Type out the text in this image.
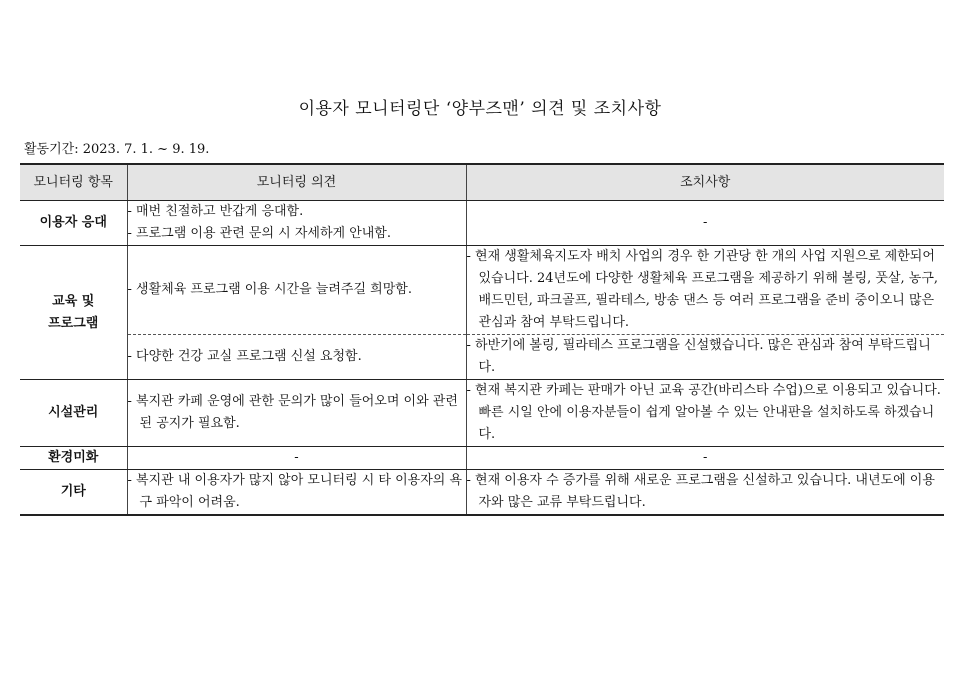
이용자 모니터링단 ‘양부즈맨’ 의견 및 조치사항
활동기간: 2023. 7. 1. ~ 9. 19.
모니터링 항목	모니터링 의견	조치사항
이용자 응대	- 매번 친절하고 반갑게 응대함.
- 프로그램 이용 관련 문의 시 자세하게 안내함.	-

교육 및
프로그램	- 생활체육 프로그램 이용 시간을 늘려주길 희망함.	- 현재 생활체육지도자 배치 사업의 경우 한 기관당 한 개의 사업 지원으로 제한되어 있습니다. 24년도에 다양한 생활체육 프로그램을 제공하기 위해 볼링, 풋살, 농구, 배드민턴, 파크골프, 필라테스, 방송 댄스 등 여러 프로그램을 준비 중이오니 많은 관심과 참여 부탁드립니다.

	- 다양한 건강 교실 프로그램 신설 요청함.	- 하반기에 볼링, 필라테스 프로그램을 신설했습니다. 많은 관심과 참여 부탁드립니다.

시설관리	- 복지관 카페 운영에 관한 문의가 많이 들어오며 이와 관련된 공지가 필요함.	- 현재 복지관 카페는 판매가 아닌 교육 공간(바리스타 수업)으로 이용되고 있습니다. 빠른 시일 안에 이용자분들이 쉽게 알아볼 수 있는 안내판을 설치하도록 하겠습니다.

환경미화	-	-
기타	- 복지관 내 이용자가 많지 않아 모니터링 시 타 이용자의 욕구 파악이 어려움.	- 현재 이용자 수 증가를 위해 새로운 프로그램을 신설하고 있습니다. 내년도에 이용자와 많은 교류 부탁드립니다.
